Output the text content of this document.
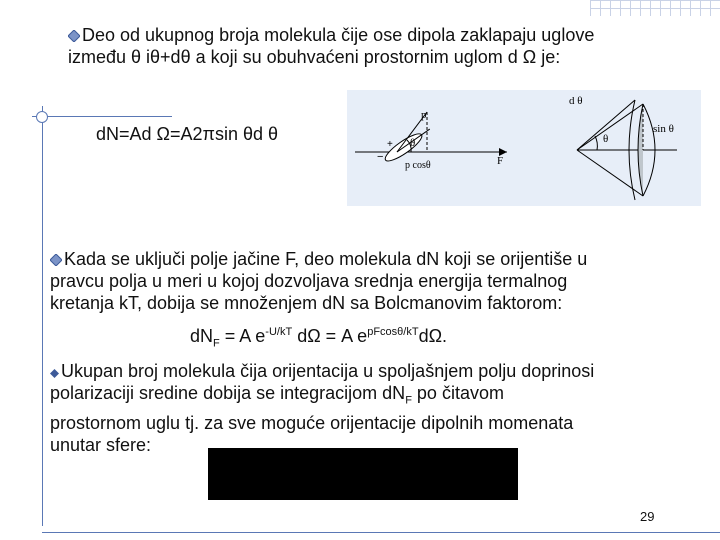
Deo od ukupnog broja molekula čije ose dipola zaklapaju uglove
između θ iθ+dθ a koji su obuhvaćeni prostornim uglom d Ω je:
dN=Ad Ω=A2πsin θd θ
p
θ
p cosθ	F
−
+
d θ
sin θ
θ
Kada se uključi polje jačine F, deo molekula dN koji se orijentiše u
pravcu polja u meri u kojoj dozvoljava srednja energija termalnog
kretanja kT, dobija se množenjem dN sa Bolcmanovim faktorom:
$dN_F = A$ $e^{-U/kT}$ dΩ = A $e^{pFcos\theta/kT}d\Omega$.
Ukupan broj molekula čija orijentacija u spoljašnjem polju doprinosi
polarizaciji sredine dobija se integracijom $dN_F$ po čitavom
prostornom uglu tj. za sve moguće orijentacije dipolnih momenata
unutar sfere:
29
